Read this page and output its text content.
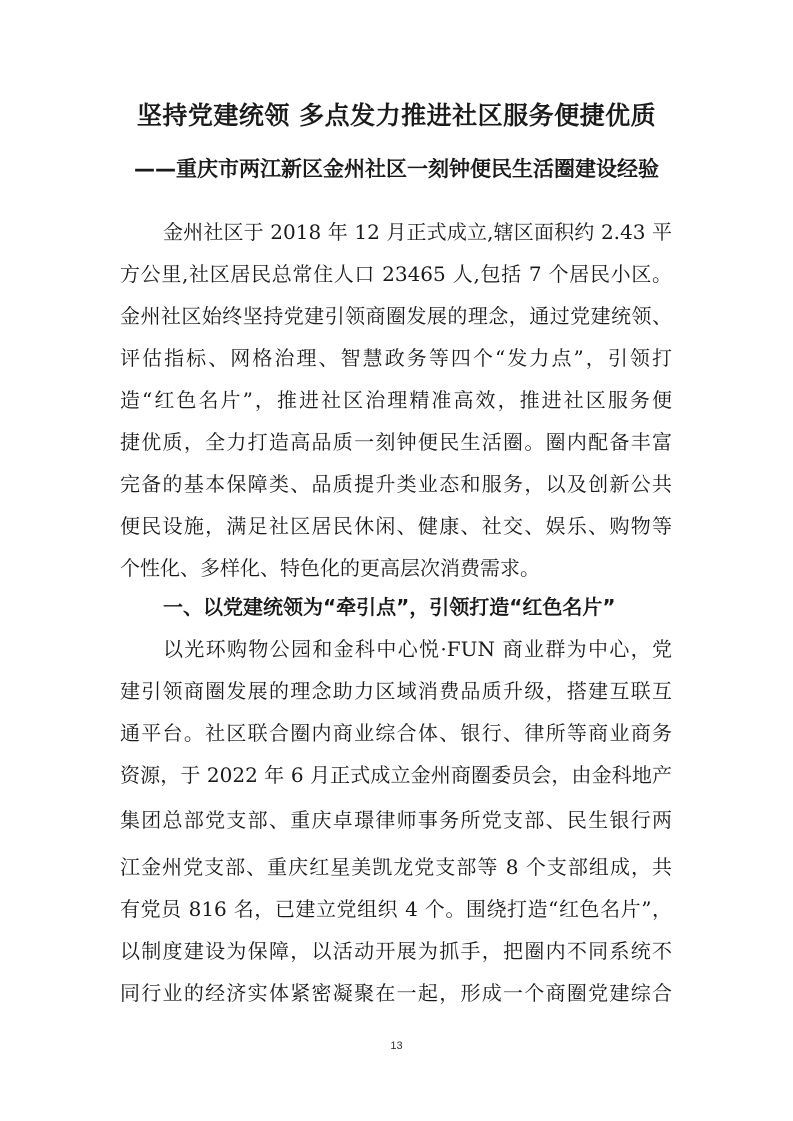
坚持党建统领 多点发力推进社区服务便捷优质
——重庆市两江新区金州社区一刻钟便民生活圈建设经验
金州社区于 2018 年 12 月正式成立,辖区面积约 2.43 平
方公里,社区居民总常住人口 23465 人,包括 7 个居民小区。
金州社区始终坚持党建引领商圈发展的理念，通过党建统领、
评估指标、网格治理、智慧政务等四个“发力点”，引领打
造“红色名片”，推进社区治理精准高效，推进社区服务便
捷优质，全力打造高品质一刻钟便民生活圈。圈内配备丰富
完备的基本保障类、品质提升类业态和服务，以及创新公共
便民设施，满足社区居民休闲、健康、社交、娱乐、购物等
个性化、多样化、特色化的更高层次消费需求。
一、以党建统领为“牵引点”，引领打造“红色名片”
以光环购物公园和金科中心悦·FUN 商业群为中心，党
建引领商圈发展的理念助力区域消费品质升级，搭建互联互
通平台。社区联合圈内商业综合体、银行、律所等商业商务
资源，于 2022 年 6 月正式成立金州商圈委员会，由金科地产
集团总部党支部、重庆卓璟律师事务所党支部、民生银行两
江金州党支部、重庆红星美凯龙党支部等 8 个支部组成，共
有党员 816 名，已建立党组织 4 个。围绕打造“红色名片”，
以制度建设为保障，以活动开展为抓手，把圈内不同系统不
同行业的经济实体紧密凝聚在一起，形成一个商圈党建综合
13
